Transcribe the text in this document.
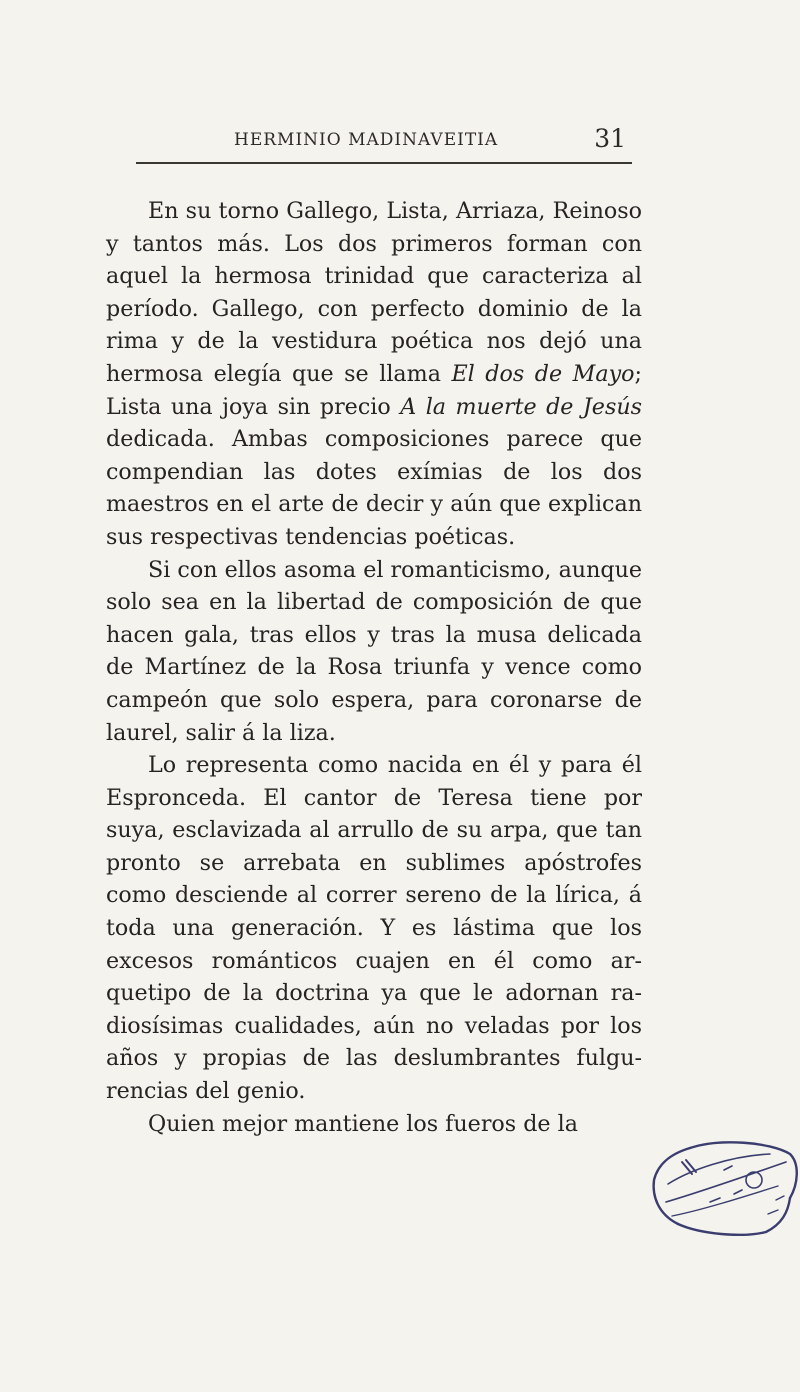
HERMINIO MADINAVEITIA	31

En su torno Gallego, Lista, Arriaza, Reinoso y tantos más. Los dos primeros forman con aquel la hermosa trinidad que caracteriza al período. Gallego, con perfecto dominio de la rima y de la vestidura poética nos dejó una hermosa elegía que se llama El dos de Mayo; Lista una joya sin precio A la muerte de Jesús dedicada. Ambas composiciones parece que compendian las dotes exímias de los dos maestros en el arte de decir y aún que explican sus respectivas tendencias poéticas.

Si con ellos asoma el romanticismo, aunque solo sea en la libertad de composición de que hacen gala, tras ellos y tras la musa delicada de Martínez de la Rosa triunfa y vence como campeón que solo espera, para coronarse de laurel, salir á la liza.

Lo representa como nacida en él y para él Espronceda. El cantor de Teresa tiene por suya, esclavizada al arrullo de su arpa, que tan pronto se arrebata en sublimes apóstrofes como desciende al correr sereno de la lírica, á toda una generación. Y es lástima que los excesos románticos cuajen en él como arquetipo de la doctrina ya que le adornan radiosísimas cualidades, aún no veladas por los años y propias de las deslumbrantes fulgurencias del genio.

Quien mejor mantiene los fueros de la
